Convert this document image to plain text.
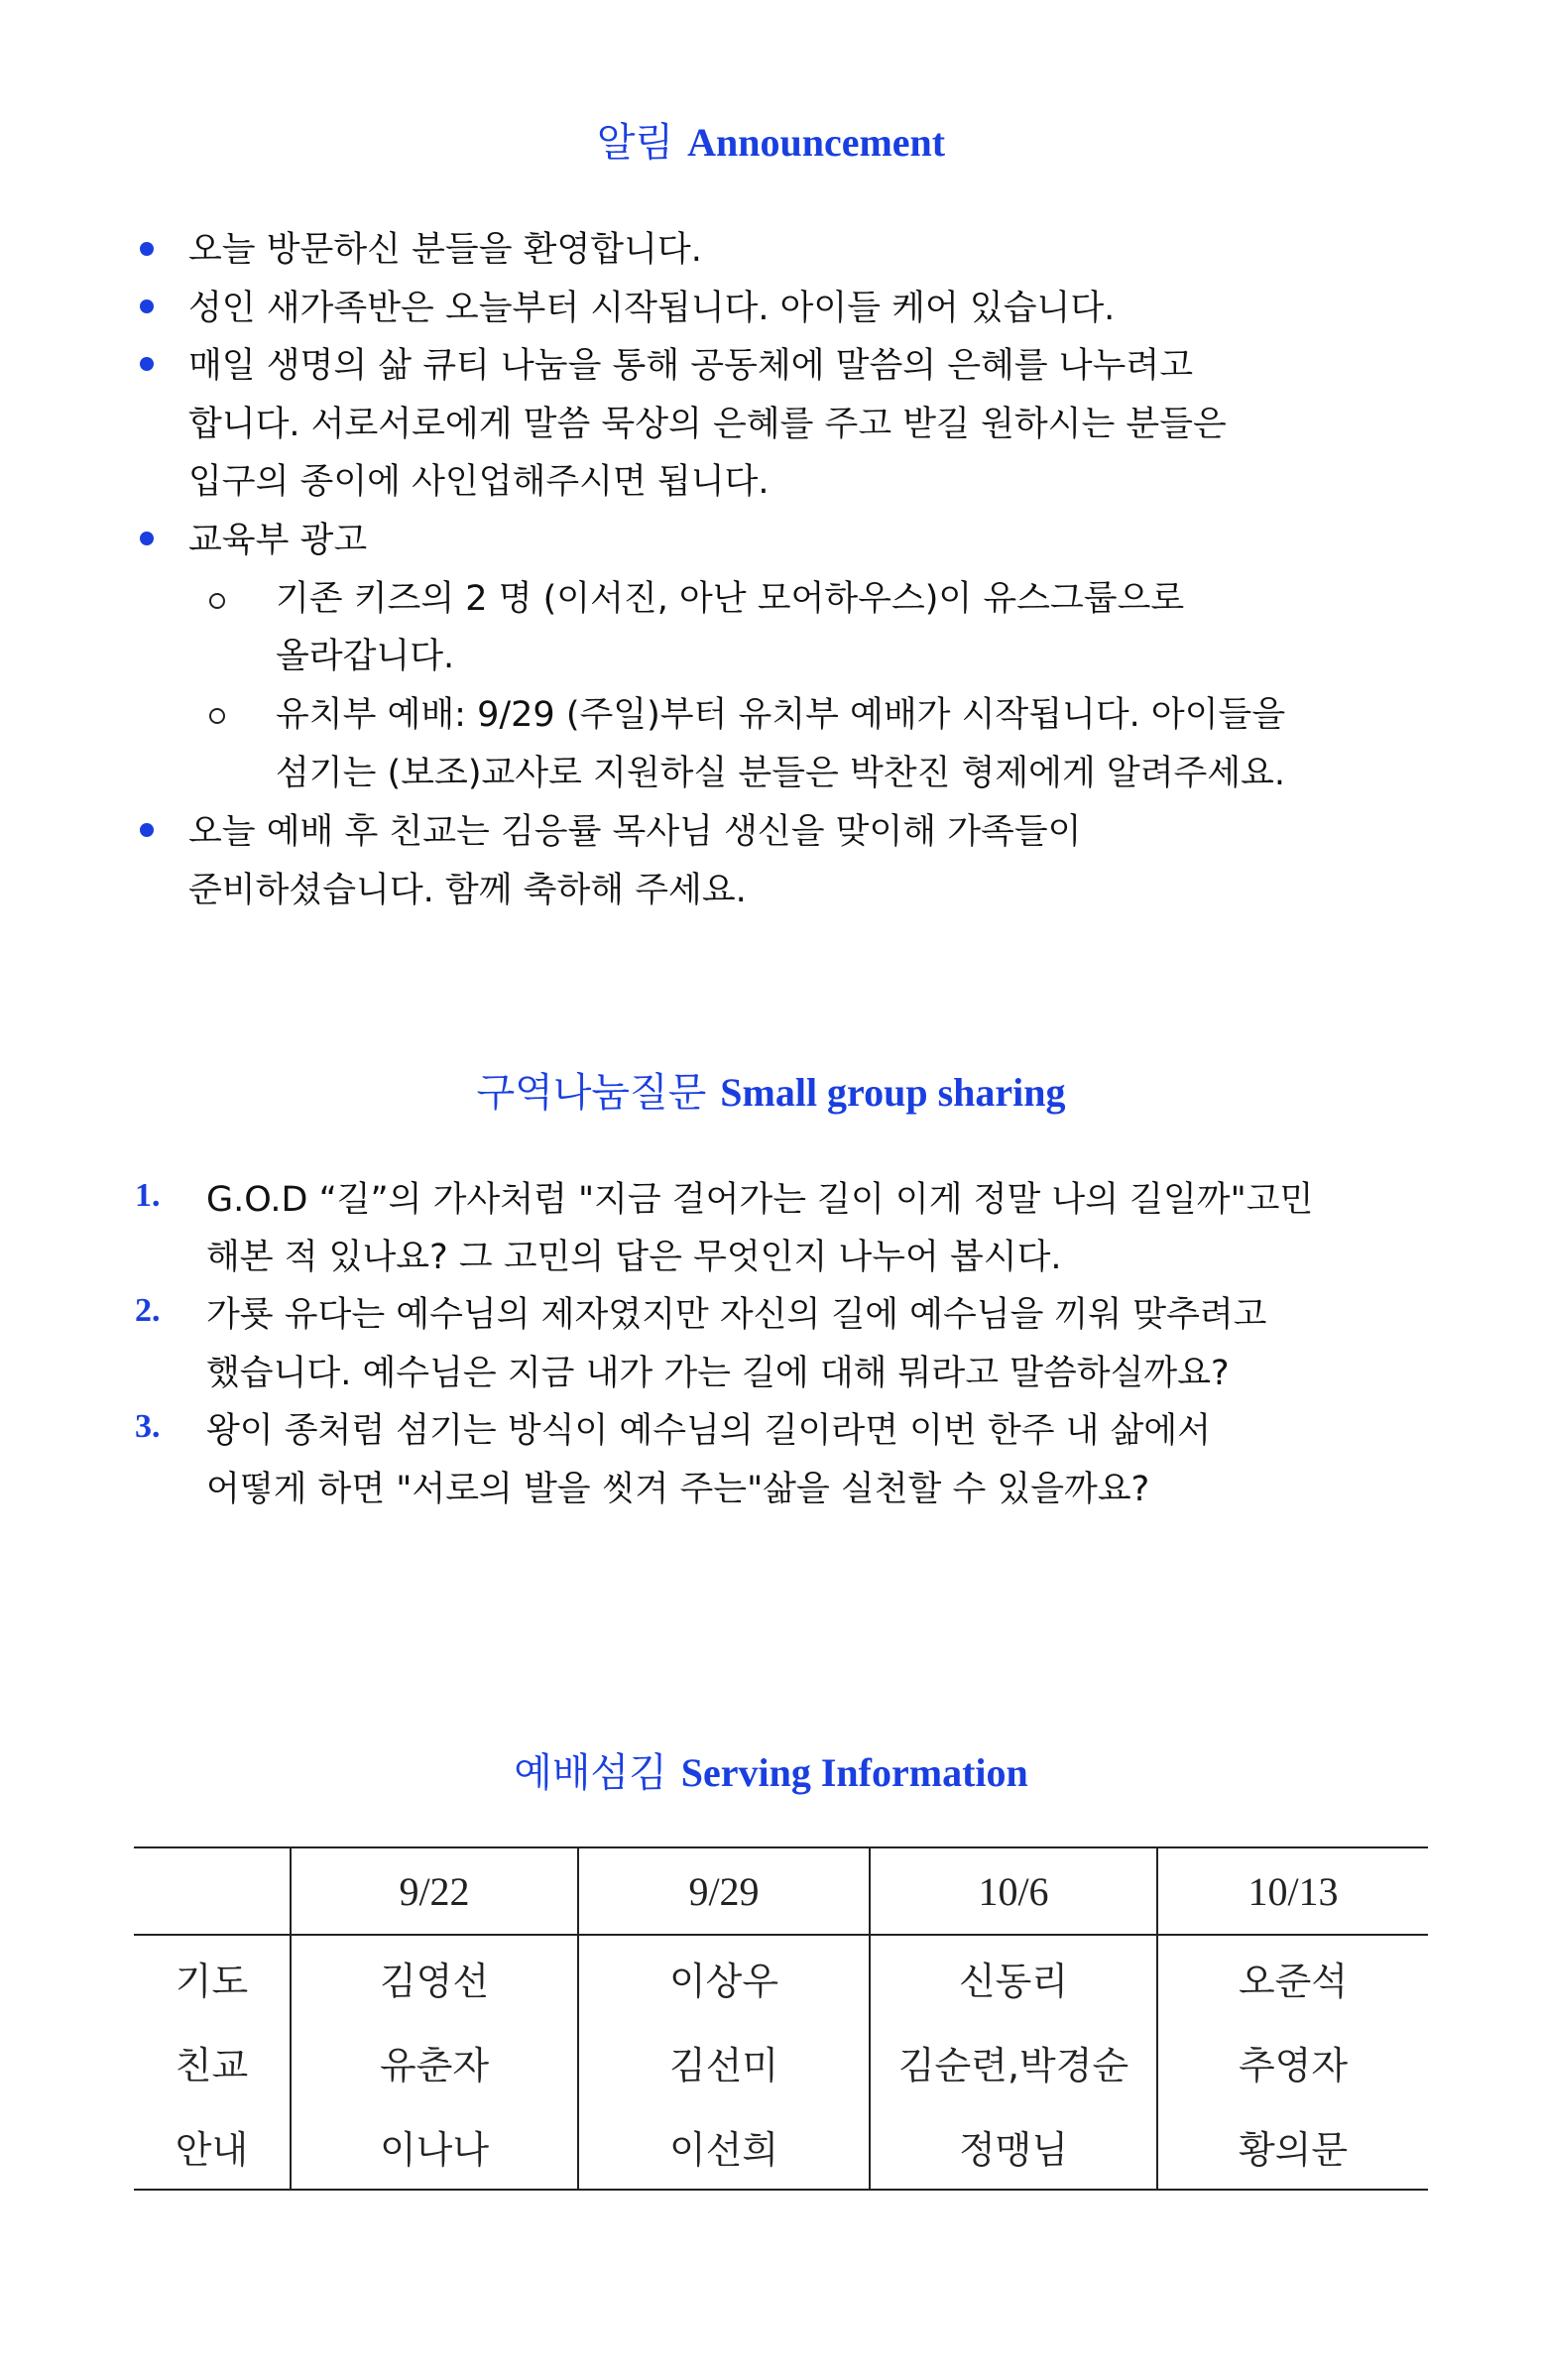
알림 Announcement
오늘 방문하신 분들을 환영합니다.
성인 새가족반은 오늘부터 시작됩니다. 아이들 케어 있습니다.
매일 생명의 삶 큐티 나눔을 통해 공동체에 말씀의 은혜를 나누려고
합니다. 서로서로에게 말씀 묵상의 은혜를 주고 받길 원하시는 분들은
입구의 종이에 사인업해주시면 됩니다.
교육부 광고
기존 키즈의 2 명 (이서진, 아난 모어하우스)이 유스그룹으로
올라갑니다.
유치부 예배: 9/29 (주일)부터 유치부 예배가 시작됩니다. 아이들을
섬기는 (보조)교사로 지원하실 분들은 박찬진 형제에게 알려주세요.
오늘 예배 후 친교는 김응률 목사님 생신을 맞이해 가족들이
준비하셨습니다. 함께 축하해 주세요.
구역나눔질문 Small group sharing
1. G.O.D “길”의 가사처럼 "지금 걸어가는 길이 이게 정말 나의 길일까"고민
해본 적 있나요? 그 고민의 답은 무엇인지 나누어 봅시다.
2. 가룟 유다는 예수님의 제자였지만 자신의 길에 예수님을 끼워 맞추려고
했습니다. 예수님은 지금 내가 가는 길에 대해 뭐라고 말씀하실까요?
3. 왕이 종처럼 섬기는 방식이 예수님의 길이라면 이번 한주 내 삶에서
어떻게 하면 "서로의 발을 씻겨 주는"삶을 실천할 수 있을까요?
예배섬김 Serving Information
	9/22	9/29	10/6	10/13
기도	김영선	이상우	신동리	오준석
친교	유춘자	김선미	김순련,박경순	추영자
안내	이나나	이선희	정맹님	황의문
